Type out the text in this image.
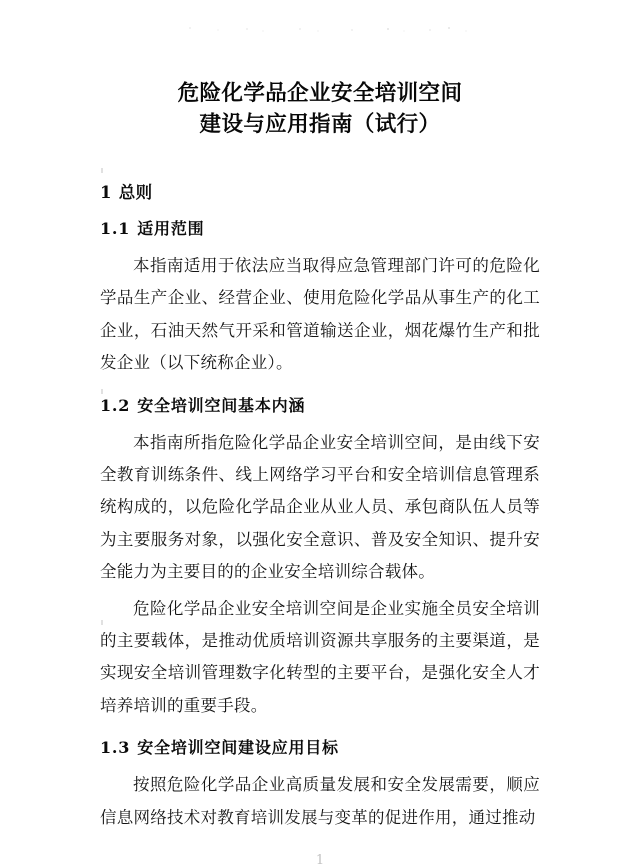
危险化学品企业安全培训空间
建设与应用指南（试行）
1 总则
1.1 适用范围

本指南适用于依法应当取得应急管理部门许可的危险化学品生产企业、经营企业、使用危险化学品从事生产的化工企业，石油天然气开采和管道输送企业，烟花爆竹生产和批发企业（以下统称企业）。

1.2 安全培训空间基本内涵

本指南所指危险化学品企业安全培训空间，是由线下安全教育训练条件、线上网络学习平台和安全培训信息管理系统构成的，以危险化学品企业从业人员、承包商队伍人员等为主要服务对象，以强化安全意识、普及安全知识、提升安全能力为主要目的的企业安全培训综合载体。

危险化学品企业安全培训空间是企业实施全员安全培训的主要载体，是推动优质培训资源共享服务的主要渠道，是实现安全培训管理数字化转型的主要平台，是强化安全人才培养培训的重要手段。

1.3 安全培训空间建设应用目标

按照危险化学品企业高质量发展和安全发展需要，顺应信息网络技术对教育培训发展与变革的促进作用，通过推动

1
